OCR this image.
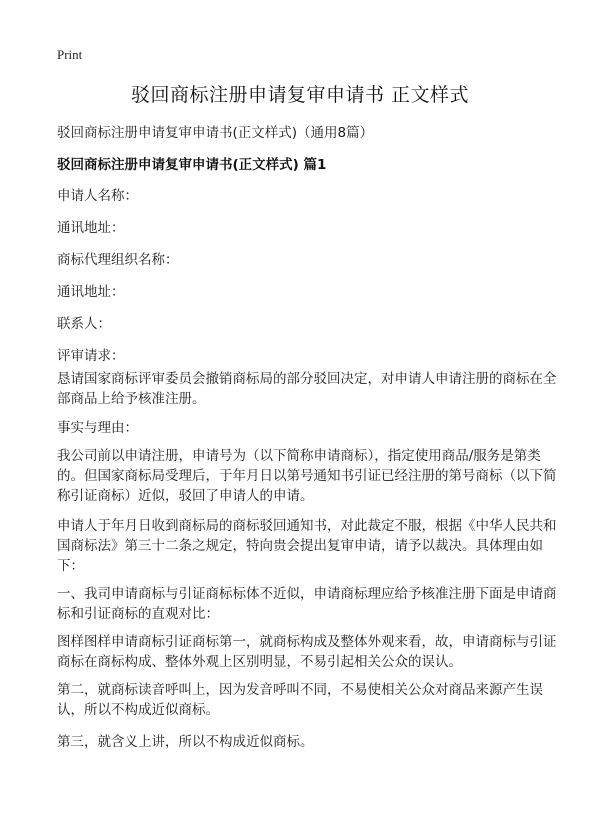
Print
驳回商标注册申请复审申请书 正文样式
驳回商标注册申请复审申请书(正文样式)（通用8篇）
驳回商标注册申请复审申请书(正文样式) 篇1
申请人名称：
通讯地址：
商标代理组织名称：
通讯地址：
联系人：
评审请求：
恳请国家商标评审委员会撤销商标局的部分驳回决定，对申请人申请注册的商标在全部商品上给予核准注册。
事实与理由：
我公司前以申请注册，申请号为（以下简称申请商标），指定使用商品/服务是第类的。但国家商标局受理后，于年月日以第号通知书引证已经注册的第号商标（以下简称引证商标）近似，驳回了申请人的申请。
申请人于年月日收到商标局的商标驳回通知书，对此裁定不服，根据《中华人民共和国商标法》第三十二条之规定，特向贵会提出复审申请，请予以裁决。具体理由如下：
一、我司申请商标与引证商标标体不近似，申请商标理应给予核准注册下面是申请商标和引证商标的直观对比：
图样图样申请商标引证商标第一，就商标构成及整体外观来看，故，申请商标与引证商标在商标构成、整体外观上区别明显，不易引起相关公众的误认。
第二，就商标读音呼叫上，因为发音呼叫不同，不易使相关公众对商品来源产生误认，所以不构成近似商标。
第三，就含义上讲，所以不构成近似商标。
